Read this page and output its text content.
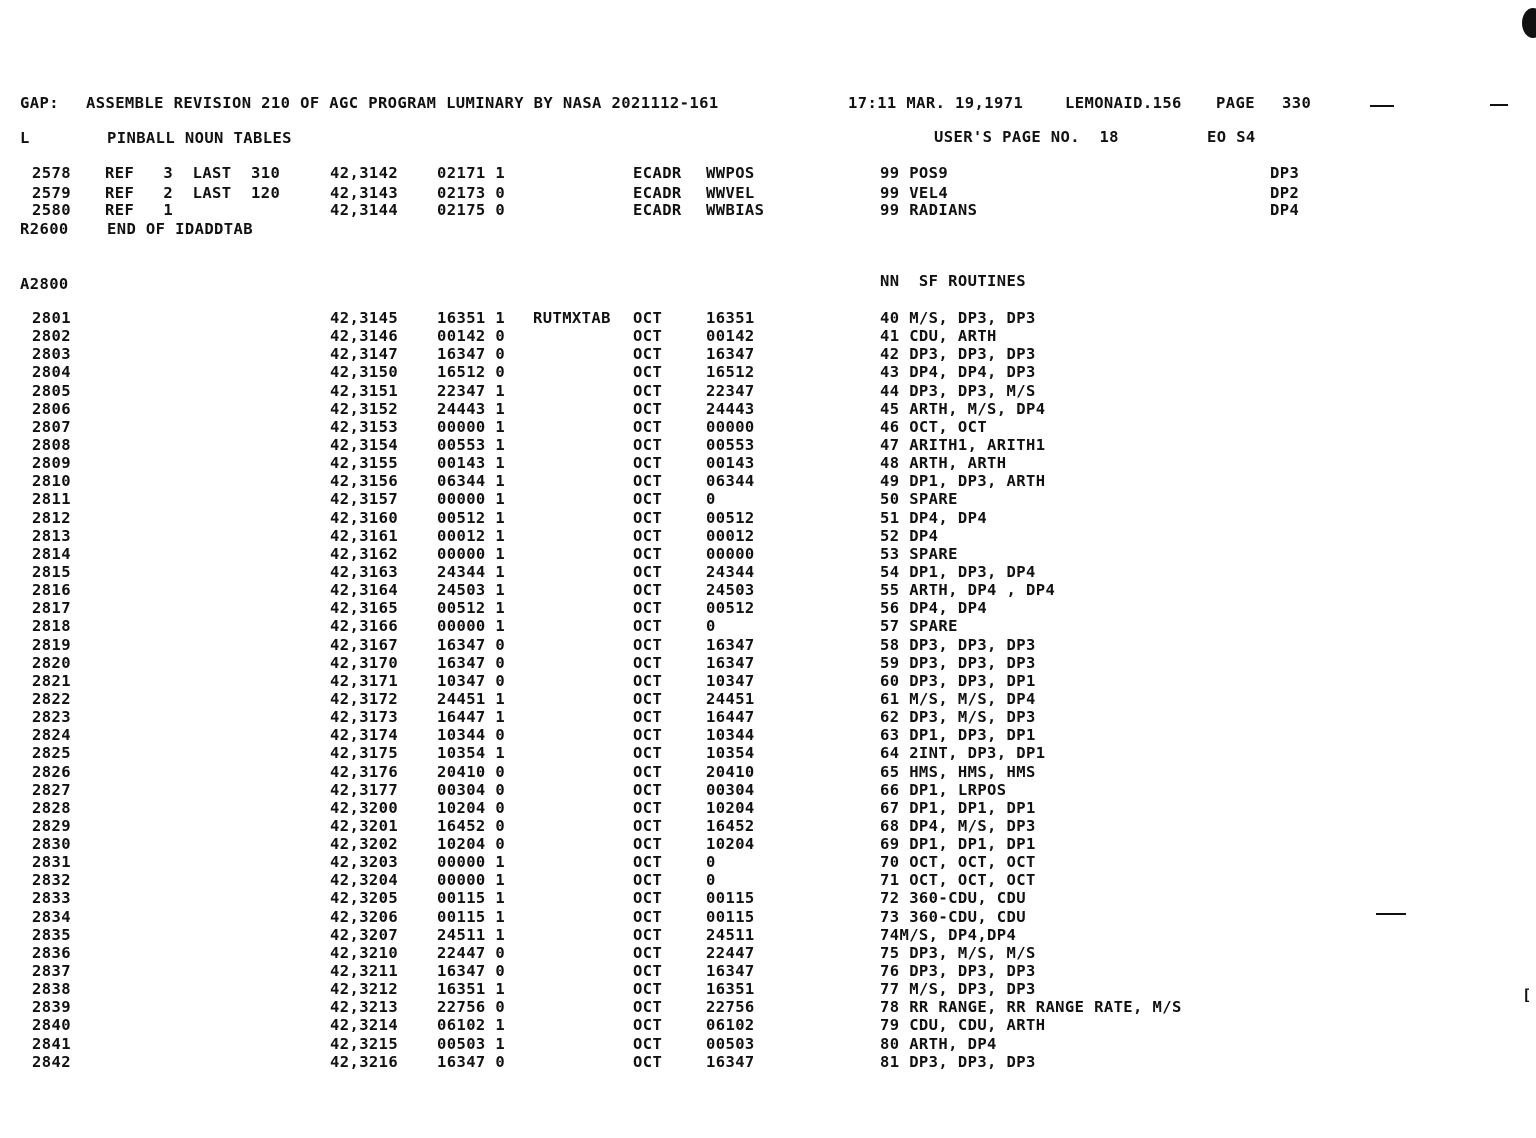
GAP: ASSEMBLE REVISION 210 OF AGC PROGRAM LUMINARY BY NASA 2021112-161	17:11 MAR. 19,1971	LEMONAID.156 PAGE 330
L	PINBALL NOUN TABLES	USER'S PAGE NO.  18	EO S4
2578 REF   3  LAST  310	42,3142	02171 1	ECADR WWPOS	99 POS9	DP3
2579 REF   2  LAST  120	42,3143	02173 0	ECADR WWVEL	99 VEL4	DP2
2580 REF   1	42,3144	02175 0	ECADR WWBIAS	99 RADIANS	DP4
R2600 END OF IDADDTAB
A2800	NN  SF ROUTINES
2801	42,3145	16351 1 RUTMXTAB OCT	16351	40 M/S, DP3, DP3
2802	42,3146	00142 0	OCT	00142	41 CDU, ARTH
2803	42,3147	16347 0	OCT	16347	42 DP3, DP3, DP3
2804	42,3150	16512 0	OCT	16512	43 DP4, DP4, DP3
2805	42,3151	22347 1	OCT	22347	44 DP3, DP3, M/S
2806	42,3152	24443 1	OCT	24443	45 ARTH, M/S, DP4
2807	42,3153	00000 1	OCT	00000	46 OCT, OCT
2808	42,3154	00553 1	OCT	00553	47 ARITH1, ARITH1
2809	42,3155	00143 1	OCT	00143	48 ARTH, ARTH
2810	42,3156	06344 1	OCT	06344	49 DP1, DP3, ARTH
2811	42,3157	00000 1	OCT	0	50 SPARE
2812	42,3160	00512 1	OCT	00512	51 DP4, DP4
2813	42,3161	00012 1	OCT	00012	52 DP4
2814	42,3162	00000 1	OCT	00000	53 SPARE
2815	42,3163	24344 1	OCT	24344	54 DP1, DP3, DP4
2816	42,3164	24503 1	OCT	24503	55 ARTH, DP4 , DP4
2817	42,3165	00512 1	OCT	00512	56 DP4, DP4
2818	42,3166	00000 1	OCT	0	57 SPARE
2819	42,3167	16347 0	OCT	16347	58 DP3, DP3, DP3
2820	42,3170	16347 0	OCT	16347	59 DP3, DP3, DP3
2821	42,3171	10347 0	OCT	10347	60 DP3, DP3, DP1
2822	42,3172	24451 1	OCT	24451	61 M/S, M/S, DP4
2823	42,3173	16447 1	OCT	16447	62 DP3, M/S, DP3
2824	42,3174	10344 0	OCT	10344	63 DP1, DP3, DP1
2825	42,3175	10354 1	OCT	10354	64 2INT, DP3, DP1
2826	42,3176	20410 0	OCT	20410	65 HMS, HMS, HMS
2827	42,3177	00304 0	OCT	00304	66 DP1, LRPOS
2828	42,3200	10204 0	OCT	10204	67 DP1, DP1, DP1
2829	42,3201	16452 0	OCT	16452	68 DP4, M/S, DP3
2830	42,3202	10204 0	OCT	10204	69 DP1, DP1, DP1
2831	42,3203	00000 1	OCT	0	70 OCT, OCT, OCT
2832	42,3204	00000 1	OCT	0	71 OCT, OCT, OCT
2833	42,3205	00115 1	OCT	00115	72 360-CDU, CDU
2834	42,3206	00115 1	OCT	00115	73 360-CDU, CDU
2835	42,3207	24511 1	OCT	24511	74M/S, DP4,DP4
2836	42,3210	22447 0	OCT	22447	75 DP3, M/S, M/S
2837	42,3211	16347 0	OCT	16347	76 DP3, DP3, DP3
2838	42,3212	16351 1	OCT	16351	77 M/S, DP3, DP3
2839	42,3213	22756 0	OCT	22756	78 RR RANGE, RR RANGE RATE, M/S
2840	42,3214	06102 1	OCT	06102	79 CDU, CDU, ARTH
2841	42,3215	00503 1	OCT	00503	80 ARTH, DP4
2842	42,3216	16347 0	OCT	16347	81 DP3, DP3, DP3
[
